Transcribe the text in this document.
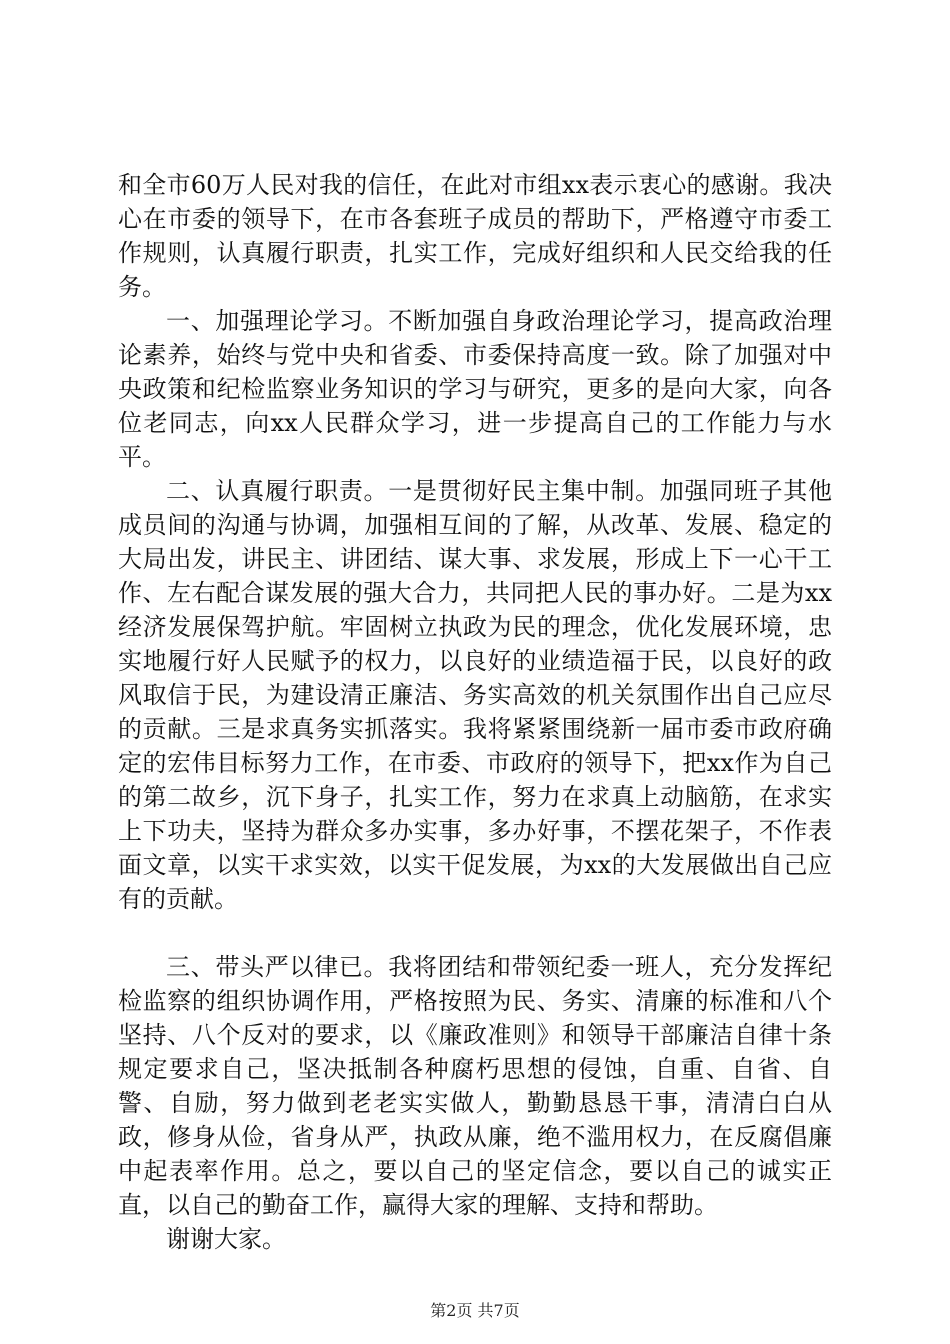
和全市60万人民对我的信任，在此对市组xx表示衷心的感谢。我决心在市委的领导下，在市各套班子成员的帮助下，严格遵守市委工作规则，认真履行职责，扎实工作，完成好组织和人民交给我的任务。

一、加强理论学习。不断加强自身政治理论学习，提高政治理论素养，始终与党中央和省委、市委保持高度一致。除了加强对中央政策和纪检监察业务知识的学习与研究，更多的是向大家，向各位老同志，向xx人民群众学习，进一步提高自己的工作能力与水平。

二、认真履行职责。一是贯彻好民主集中制。加强同班子其他成员间的沟通与协调，加强相互间的了解，从改革、发展、稳定的大局出发，讲民主、讲团结、谋大事、求发展，形成上下一心干工作、左右配合谋发展的强大合力，共同把人民的事办好。二是为xx经济发展保驾护航。牢固树立执政为民的理念，优化发展环境，忠实地履行好人民赋予的权力，以良好的业绩造福于民，以良好的政风取信于民，为建设清正廉洁、务实高效的机关氛围作出自己应尽的贡献。三是求真务实抓落实。我将紧紧围绕新一届市委市政府确定的宏伟目标努力工作，在市委、市政府的领导下，把xx作为自己的第二故乡，沉下身子，扎实工作，努力在求真上动脑筋，在求实上下功夫，坚持为群众多办实事，多办好事，不摆花架子，不作表面文章，以实干求实效，以实干促发展，为xx的大发展做出自己应有的贡献。

三、带头严以律已。我将团结和带领纪委一班人，充分发挥纪检监察的组织协调作用，严格按照为民、务实、清廉的标准和八个坚持、八个反对的要求，以《廉政准则》和领导干部廉洁自律十条规定要求自己，坚决抵制各种腐朽思想的侵蚀，自重、自省、自警、自励，努力做到老老实实做人，勤勤恳恳干事，清清白白从政，修身从俭，省身从严，执政从廉，绝不滥用权力，在反腐倡廉中起表率作用。总之，要以自己的坚定信念，要以自己的诚实正直，以自己的勤奋工作，赢得大家的理解、支持和帮助。

谢谢大家。

第2页 共7页
